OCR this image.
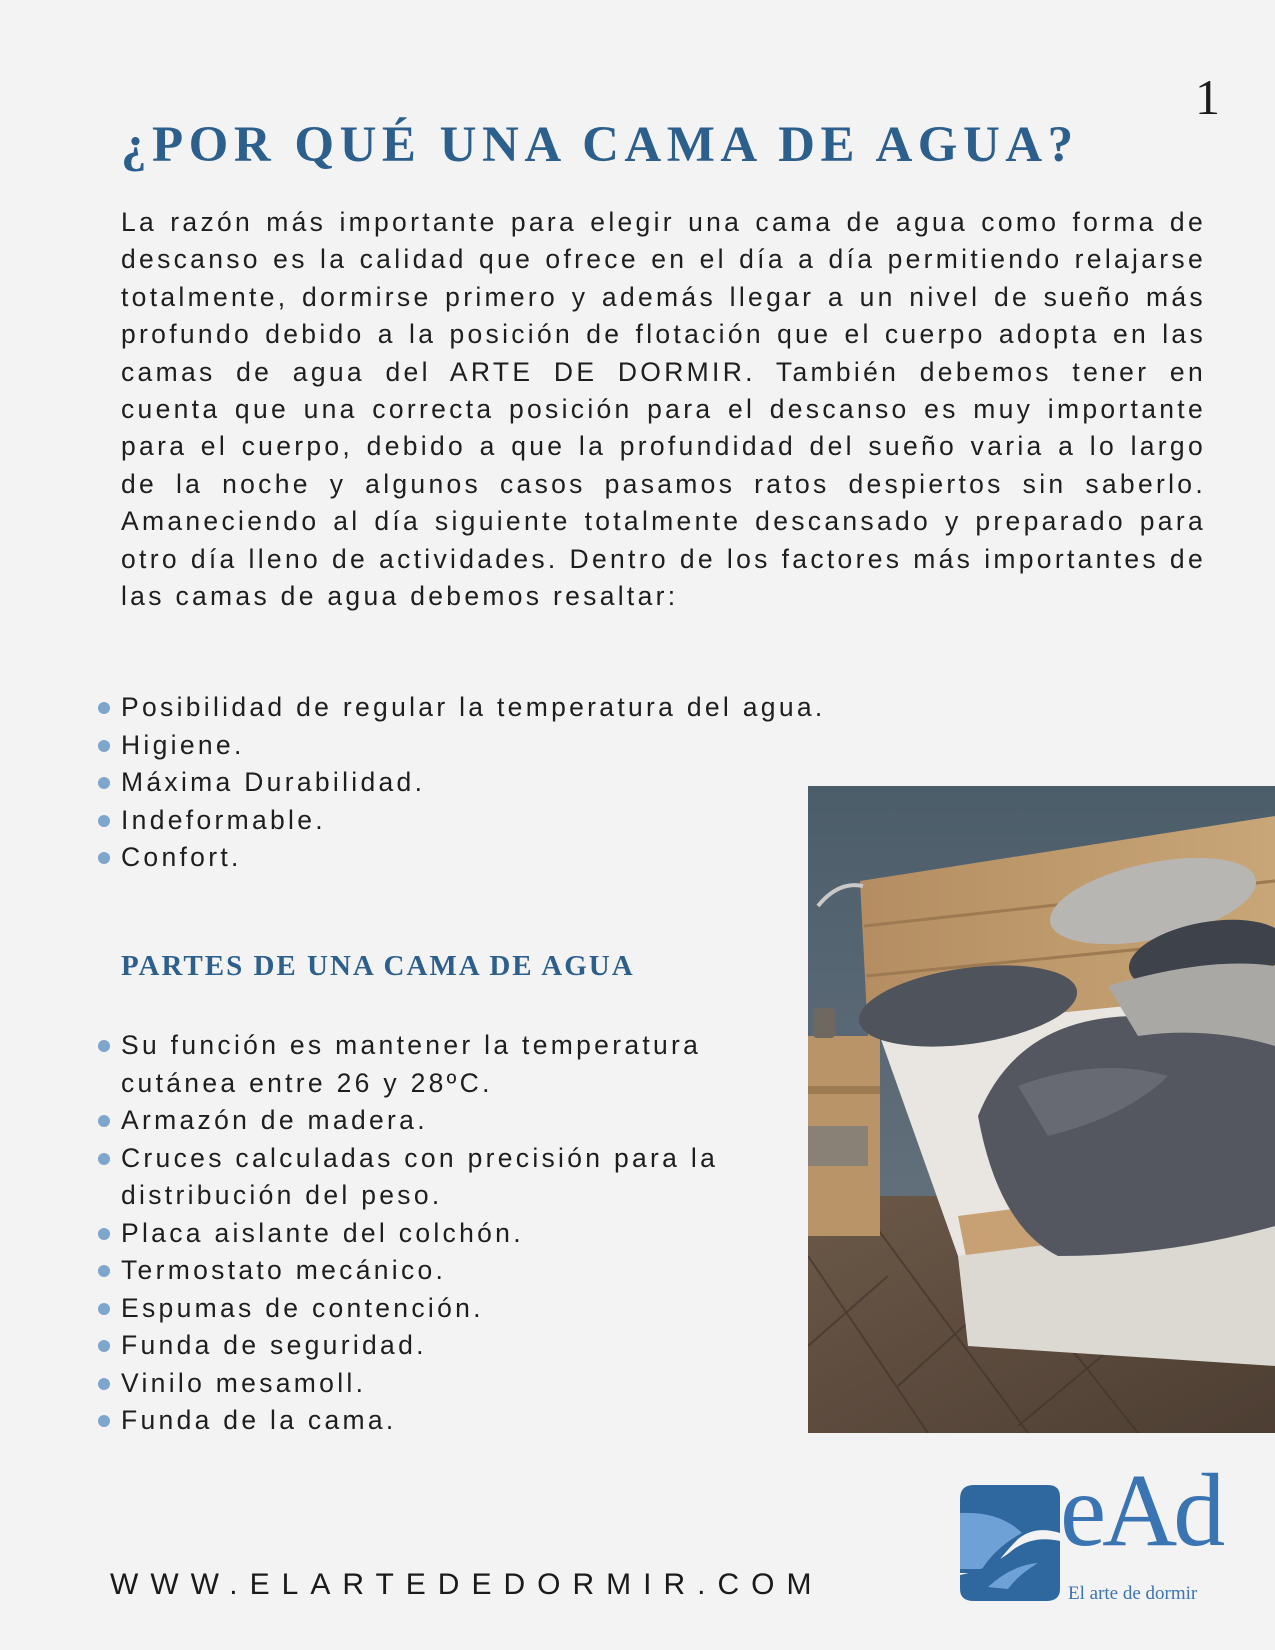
1
¿POR QUÉ UNA CAMA DE AGUA?

La razón más importante para elegir una cama de agua como forma de descanso es la calidad que ofrece en el día a día permitiendo relajarse totalmente, dormirse primero y además llegar a un nivel de sueño más profundo debido a la posición de flotación que el cuerpo adopta en las camas de agua del ARTE DE DORMIR. También debemos tener en cuenta que una correcta posición para el descanso es muy importante para el cuerpo, debido a que la profundidad del sueño varia a lo largo de la noche y algunos casos pasamos ratos despiertos sin saberlo. Amaneciendo al día siguiente totalmente descansado y preparado para otro día lleno de actividades. Dentro de los factores más importantes de las camas de agua debemos resaltar:

Posibilidad de regular la temperatura del agua.
Higiene.
Máxima Durabilidad.
Indeformable.
Confort.
PARTES DE UNA CAMA DE AGUA
Su función es mantener la temperatura cutánea entre 26 y 28ºC.
Armazón de madera.
Cruces calculadas con precisión para la distribución del peso.
Placa aislante del colchón.
Termostato mecánico.
Espumas de contención.
Funda de seguridad.
Vinilo mesamoll.
Funda de la cama.
WWW.ELARTEDEDORMIR.COM
eAd
El arte de dormir
